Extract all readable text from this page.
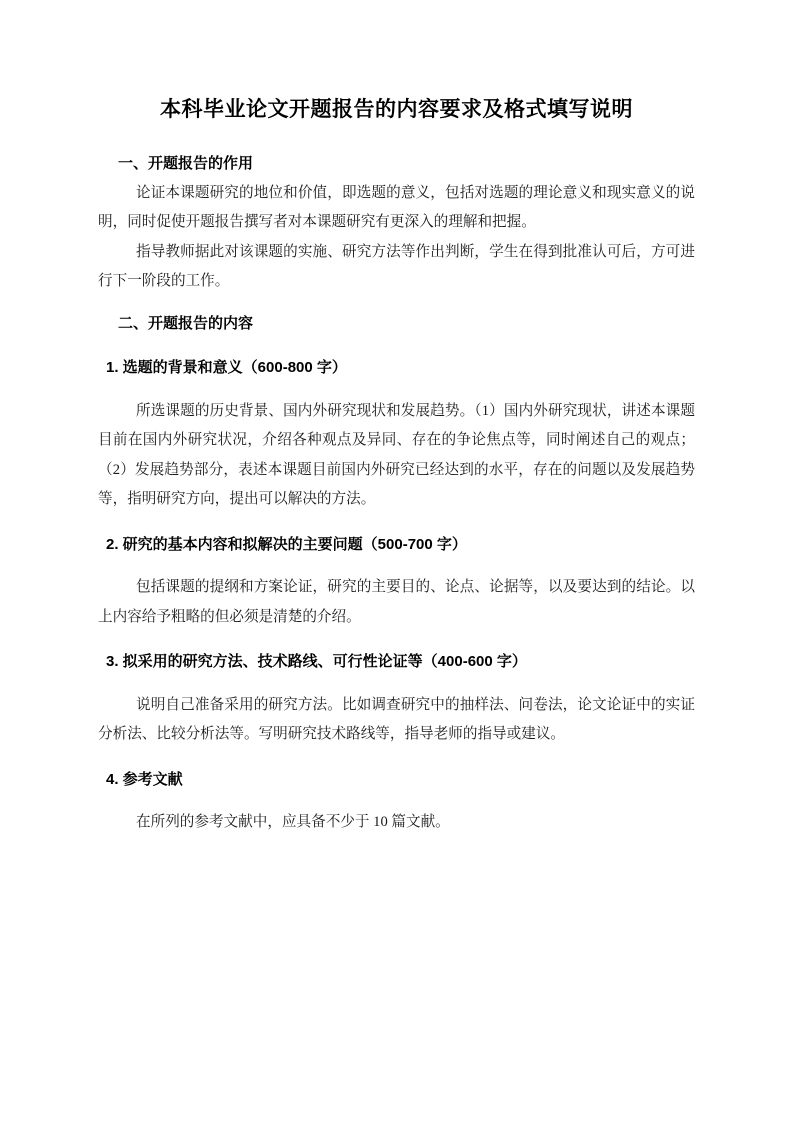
本科毕业论文开题报告的内容要求及格式填写说明
一、开题报告的作用

论证本课题研究的地位和价值，即选题的意义，包括对选题的理论意义和现实意义的说明，同时促使开题报告撰写者对本课题研究有更深入的理解和把握。

指导教师据此对该课题的实施、研究方法等作出判断，学生在得到批准认可后，方可进行下一阶段的工作。

二、开题报告的内容
1. 选题的背景和意义（600-800 字）

所选课题的历史背景、国内外研究现状和发展趋势。（1）国内外研究现状，讲述本课题目前在国内外研究状况，介绍各种观点及异同、存在的争论焦点等，同时阐述自己的观点；（2）发展趋势部分，表述本课题目前国内外研究已经达到的水平，存在的问题以及发展趋势等，指明研究方向，提出可以解决的方法。

2. 研究的基本内容和拟解决的主要问题（500-700 字）

包括课题的提纲和方案论证，研究的主要目的、论点、论据等，以及要达到的结论。以上内容给予粗略的但必须是清楚的介绍。

3. 拟采用的研究方法、技术路线、可行性论证等（400-600 字）

说明自己准备采用的研究方法。比如调查研究中的抽样法、问卷法，论文论证中的实证分析法、比较分析法等。写明研究技术路线等，指导老师的指导或建议。

4. 参考文献

在所列的参考文献中，应具备不少于 10 篇文献。
